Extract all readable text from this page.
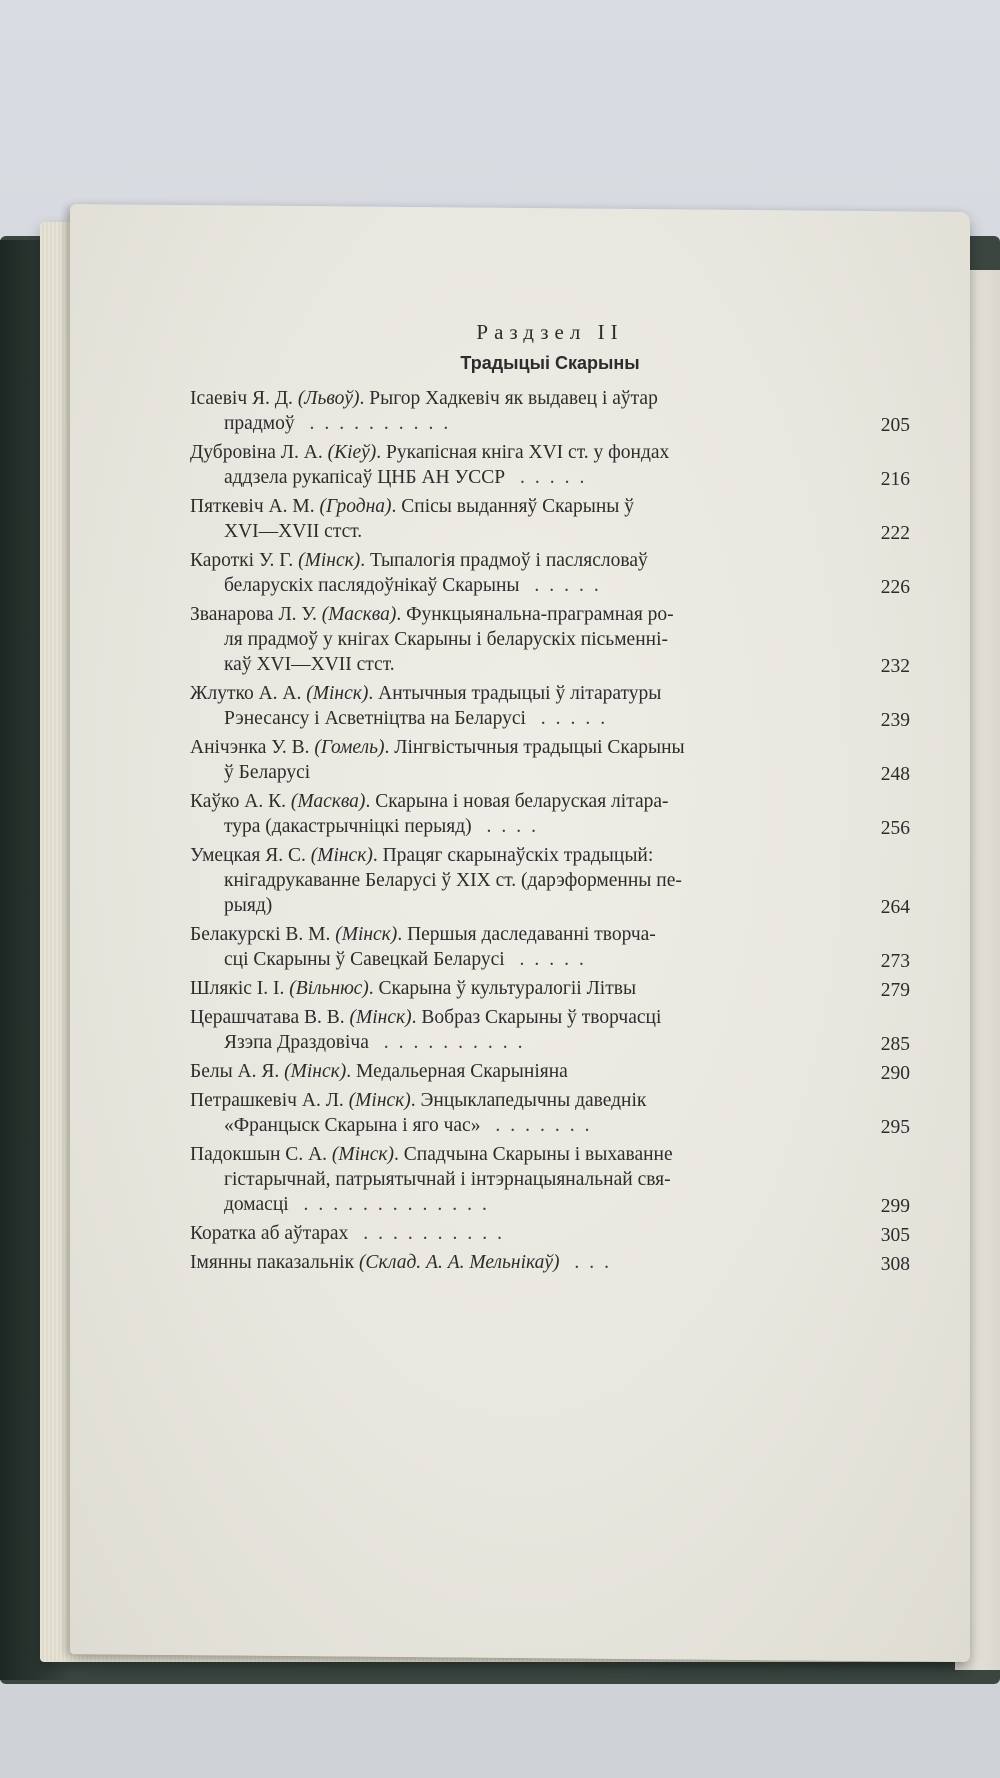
Раздзел II
Традыцыі Скарыны
Ісаевіч Я. Д. (Львоў). Рыгор Хадкевіч як выдавец і аўтар
прадмоў ..........	205
Дубровіна Л. А. (Кіеў). Рукапісная кніга XVI ст. у фондах
аддзела рукапісаў ЦНБ АН УССР .....	216
Пяткевіч А. М. (Гродна). Спісы выданняў Скарыны ў
XVI—XVII стст.	222
Кароткі У. Г. (Мінск). Тыпалогія прадмоў і паслясловаў
беларускіх паслядоўнікаў Скарыны .....	226
Званарова Л. У. (Масква). Функцыянальна-праграмная ро-
ля прадмоў у кнігах Скарыны і беларускіх пісьменні-
каў XVI—XVII стст.	232
Жлутко А. А. (Мінск). Антычныя традыцыі ў літаратуры
Рэнесансу і Асветніцтва на Беларусі .....	239
Анічэнка У. В. (Гомель). Лінгвістычныя традыцыі Скарыны
ў Беларусі	248
Каўко А. К. (Масква). Скарына і новая беларуская літара-
тура (дакастрычніцкі перыяд) ....	256
Умецкая Я. С. (Мінск). Працяг скарынаўскіх традыцый:
кнігадрукаванне Беларусі ў XIX ст. (дарэформенны пе-
рыяд)	264
Белакурскі В. М. (Мінск). Першыя даследаванні творча-
сці Скарыны ў Савецкай Беларусі .....	273
Шлякіс І. І. (Вільнюс). Скарына ў культуралогіі Літвы	279
Церашчатава В. В. (Мінск). Вобраз Скарыны ў творчасці
Язэпа Драздовіча ..........	285
Белы А. Я. (Мінск). Медальерная Скарыніяна	290
Петрашкевіч А. Л. (Мінск). Энцыклапедычны даведнік
«Францыск Скарына і яго час» .......	295
Падокшын С. А. (Мінск). Спадчына Скарыны і выхаванне
гістарычнай, патрыятычнай і інтэрнацыянальнай свя-
домасці .............	299
Коратка аб аўтарах ..........	305
Імянны паказальнік (Склад. А. А. Мельнікаў) ...	308
